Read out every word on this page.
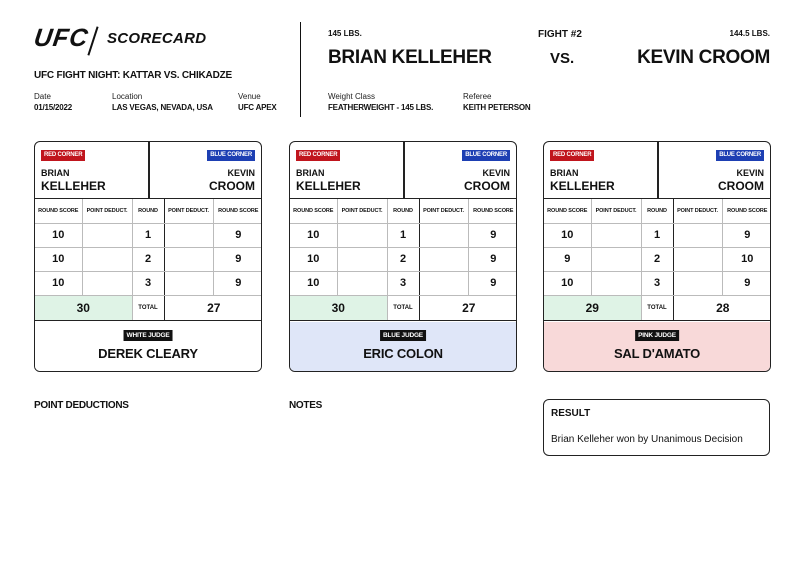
UFC SCORECARD
UFC FIGHT NIGHT: KATTAR VS. CHIKADZE
Date
01/15/2022
Location
LAS VEGAS, NEVADA, USA
Venue
UFC APEX
145 LBS.
BRIAN KELLEHER
FIGHT #2
VS.
144.5 LBS.
KEVIN CROOM
Weight Class
FEATHERWEIGHT - 145 LBS.
Referee
KEITH PETERSON
RED CORNER	BLUE CORNER
BRIAN
KELLEHER
KEVIN
CROOM
ROUND SCORE	POINT DEDUCT.	ROUND	POINT DEDUCT.	ROUND SCORE
10		1		9
10		2		9
10		3		9
30		TOTAL	27	
WHITE JUDGE
DEREK CLEARY
RED CORNER	BLUE CORNER
BRIAN
KELLEHER
KEVIN
CROOM
ROUND SCORE	POINT DEDUCT.	ROUND	POINT DEDUCT.	ROUND SCORE
10		1		9
10		2		9
10		3		9
30		TOTAL	27	
BLUE JUDGE
ERIC COLON
RED CORNER	BLUE CORNER
BRIAN
KELLEHER
KEVIN
CROOM
ROUND SCORE	POINT DEDUCT.	ROUND	POINT DEDUCT.	ROUND SCORE
10		1		9
9		2		10
10		3		9
29		TOTAL	28	
PINK JUDGE
SAL D'AMATO
POINT DEDUCTIONS	NOTES
RESULT
Brian Kelleher won by Unanimous Decision
